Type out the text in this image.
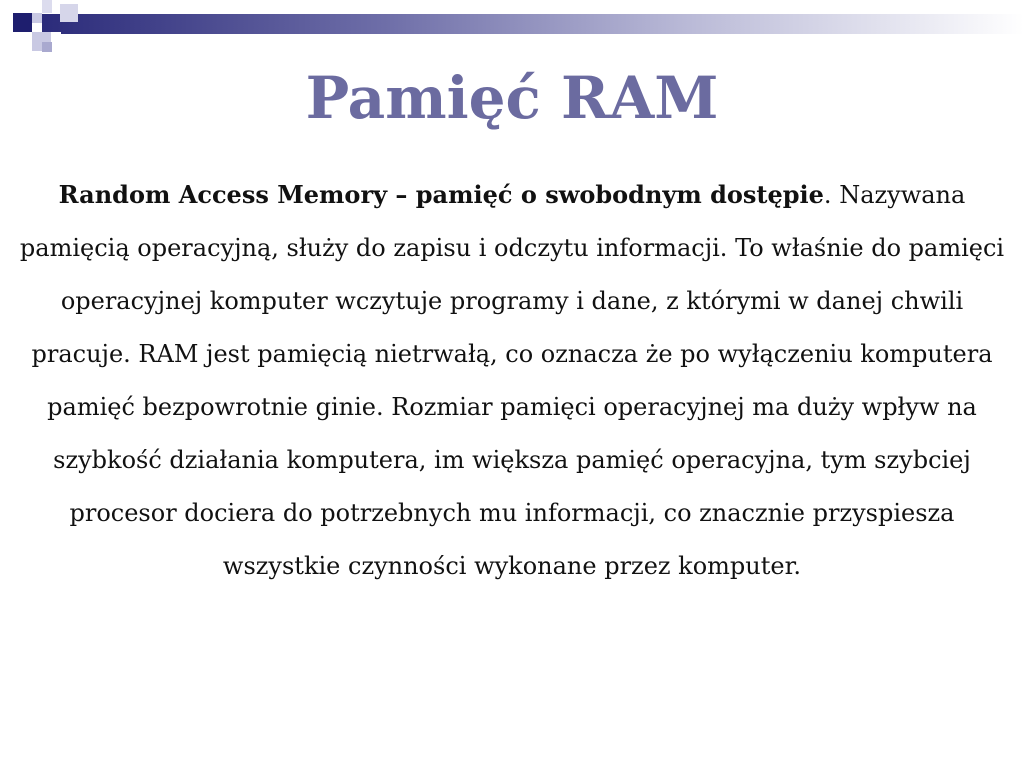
Pamięć RAM

Random Access Memory – pamięć o swobodnym dostępie. Nazywana pamięcią operacyjną, służy do zapisu i odczytu informacji. To właśnie do pamięci operacyjnej komputer wczytuje programy i dane, z którymi w danej chwili pracuje. RAM jest pamięcią nietrwałą, co oznacza że po wyłączeniu komputera pamięć bezpowrotnie ginie. Rozmiar pamięci operacyjnej ma duży wpływ na szybkość działania komputera, im większa pamięć operacyjna, tym szybciej procesor dociera do potrzebnych mu informacji, co znacznie przyspiesza wszystkie czynności wykonane przez komputer.
